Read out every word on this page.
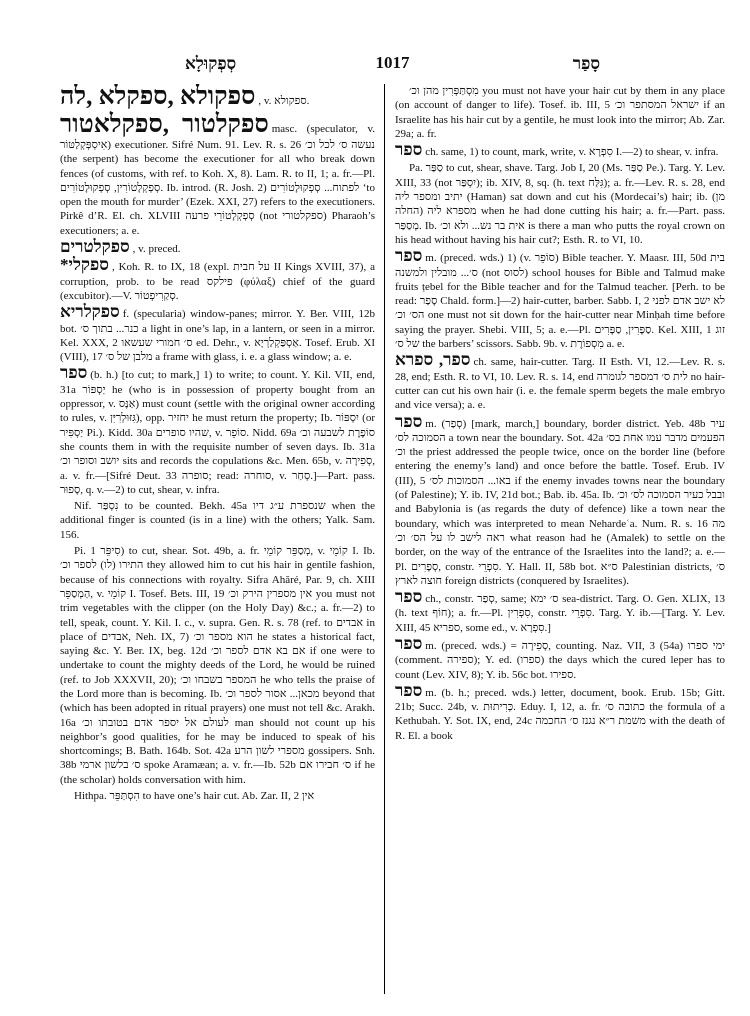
סְפְקוּלָא	1017	סָפַר

ספקולא ,ספקלא ,לה , v. ספקולא.

ספקלטור ,ספקלאטור masc. (speculator, v. אִיסְפְּקְלַטּוֹר) executioner. Sifré Num. 91. Lev. R. s. 26 נעשה ס׳ לכל וכ׳ (the serpent) has become the executioner for all who break down fences (of customs, with ref. to Koh. X, 8). Lam. R. to II, 1; a. fr.—Pl. סְפְקְלָטוֹרִין, סְפְקוּלָטוֹרִים. Ib. introd. (R. Josh. 2) לפתוח... סְפְקוּלָטוֹרִים ‘to open the mouth for murder’ (Ezek. XXI, 27) refers to the executioners. Pirkê d’R. El. ch. XLVIII סְפְקְלָטוֹרֵי פרעה (not ספקלטורי) Pharaoh’s executioners; a. e.

ספקלטרים , v. preced.

*ספקלי , Koh. R. to IX, 18 (expl. על חבית II Kings XVIII, 37), a corruption, prob. to be read פילקס (φύλαξ) chief of the guard (excubitor).—V. סְקַרִיפְטוֹר.

ספקלריא f. (specularia) window-panes; mirror. Y. Ber. VIII, 12b bot. כנר... בתוך ס׳ a light in one’s lap, in a lantern, or seen in a mirror. Kel. XXX, 2 ס׳ חמורי שעשאו ed. Dehr., v. אַסְפַּקְלַרְיָא. Tosef. Erub. XI (VIII), 17 מלבן של ס׳ a frame with glass, i. e. a glass window; a. e.

ספר (b. h.) [to cut; to mark,] 1) to write; to count. Y. Kil. VII, end, 31a יַסְפּוֹר he (who is in possession of property bought from an oppressor, v. אַנָּס) must count (settle with the original owner according to rules, v. גִּזּוּלְרִיִּן), opp. יחזיר he must return the property; Ib. יִסְפּוֹר (or יַסְפִּיר Pi.). Kidd. 30a שהיו סופרים, v. סוֹפֵר. Nidd. 69a סוֹפֶרֶת לשבעה וכ׳ she counts them in with the requisite number of seven days. Ib. 31a יושב וסופר וכ׳ sits and records the copulations &c. Men. 65b, v. סְפִירָה, a. v. fr.—[Sifré Deut. 33 סופרה; read: סוחרה, v. סְחַר.]—Part. pass. סָפוּר, q. v.—2) to cut, shear, v. infra.

Nif. נִסְפַּר to be counted. Bekh. 45a שנספרת ע״ג דיו when the additional finger is counted (is in a line) with the others; Yalk. Sam. 156.

Pi. סִיפֵּר 1) to cut, shear. Sot. 49b, a. fr. מְסַפֵּר קוֹמֵי, v. קוֹמֵי I. Ib. התירו (לו) לספר וכ׳ they allowed him to cut his hair in gentile fashion, because of his connections with royalty. Sifra Ahăré, Par. 9, ch. XIII הַמְסַפֵּר, v. קוֹמֵי I. Tosef. Bets. III, 19 אין מספרין הירק וכ׳ you must not trim vegetables with the clipper (on the Holy Day) &c.; a. fr.—2) to tell, speak, count. Y. Kil. I. c., v. supra. Gen. R. s. 78 (ref. to אבדים in place of אבדים, Neh. IX, 7) הוא מספר וכ׳ he states a historical fact, saying &c. Y. Ber. IX, beg. 12d אם בא אדם לספר וכ׳ if one were to undertake to count the mighty deeds of the Lord, he would be ruined (ref. to Job XXXVII, 20); המספר בשבחו וכ׳ he who tells the praise of the Lord more than is becoming. Ib. מכאן... אסור לספר וכ׳ beyond that (which has been adopted in ritual prayers) one must not tell &c. Arakh. 16a לעולם אל יספר אדם בטובתו וכ׳ man should not count up his neighbor’s good qualities, for he may be induced to speak of his shortcomings; B. Bath. 164b. Sot. 42a מספרי לשון הרע gossipers. Snh. 38b ס׳ בלשון ארמי spoke Aramæan; a. v. fr.—Ib. 52b ס׳ חבירו אם if he (the scholar) holds conversation with him.

Hithpa. הִסְתַּפֵּר to have one’s hair cut. Ab. Zar. II, 2 אין

מִסְתַּפְּרִין מהן וכ׳ you must not have your hair cut by them in any place (on account of danger to life). Tosef. ib. III, 5 ישראל המסתפר וכ׳ if an Israelite has his hair cut by a gentile, he must look into the mirror; Ab. Zar. 29a; a. fr.

ספר ch. same, 1) to count, mark, write, v. סִפְרָא I.—2) to shear, v. infra.

Pa. סַפַּר to cut, shear, shave. Targ. Job I, 20 (Ms. סַפַּר Pe.). Targ. Y. Lev. XIII, 33 (not יִסְפַּר); ib. XIV, 8, sq. (h. text גִּלַּח); a. fr.—Lev. R. s. 28, end יתיב ומספר ליה (Haman) sat down and cut his (Mordecai’s) hair; ib. (מן החלה) מספרא ליה when he had done cutting his hair; a. fr.—Part. pass. מְסַפַּר. Ib. אית בר נש... ולא וכ׳ is there a man who putts the royal crown on his head without having his hair cut?; Esth. R. to VI, 10.

ספר m. (preced. wds.) 1) (v. סוֹפֵר) Bible teacher. Y. Maasr. III, 50d בית ס׳... מובלין ולמשנה (not לסוס) school houses for Bible and Talmud make fruits ṭebel for the Bible teacher and for the Talmud teacher. [Perh. to be read: סָפַר Chald. form.]—2) hair-cutter, barber. Sabb. I, 2 לא ישב אדם לפני הס׳ וכ׳ one must not sit down for the hair-cutter near Minḥah time before saying the prayer. Shebi. VIII, 5; a. e.—Pl. סַפָּרִין, סַפָּרִים. Kel. XIII, 1 זוג של ס׳ the barbers’ scissors. Sabb. 9b. v. מִסְפוֹרֶת a. e.

ספר, ספרא ch. same, hair-cutter. Targ. II Esth. VI, 12.—Lev. R. s. 28, end; Esth. R. to VI, 10. Lev. R. s. 14, end לית ס׳ דמספר לגומרה no hair-cutter can cut his own hair (i. e. the female sperm begets the male embryo and vice versa); a. e.

ספר m. (סְפַר) [mark, march,] boundary, border district. Yeb. 48b עיר הסמוכה לס׳ a town near the boundary. Sot. 42a הפעמים מדבר עמו אחת בס׳ וכ׳ the priest addressed the people twice, once on the border line (before entering the enemy’s land) and once before the battle. Tosef. Erub. IV (III), 5 באו... הסמוכות לס׳ if the enemy invades towns near the boundary (of Palestine); Y. ib. IV, 21d bot.; Bab. ib. 45a. Ib. ובבל כעיר הסמוכה לס׳ וכ׳ and Babylonia is (as regards the duty of defence) like a town near the boundary, which was interpreted to mean Nehardeʿa. Num. R. s. 16 מה ראה לישב לו על הס׳ וכ׳ what reason had he (Amalek) to settle on the border, on the way of the entrance of the Israelites into the land?; a. e.—Pl. סְפָרִים, constr. סִפְרֵי. Y. Hall. II, 58b bot. ס״א Palestinian districts, ס׳ חוצה לארץ foreign districts (conquered by Israelites).

ספר ch., constr. סְפַר, same; ס׳ ימא sea-district. Targ. O. Gen. XLIX, 13 (h. text חוֹף); a. fr.—Pl. סִפְרִין, constr. סִפְרֵי. Targ. Y. ib.—[Targ. Y. Lev. XIII, 45 ספריא, some ed., v. סִפְרָא.]

ספר m. (preced. wds.) = סְפִירָה, counting. Naz. VII, 3 (54a) ימי ספרו (comment. ספירה); Y. ed. (ספרו) the days which the cured leper has to count (Lev. XIV, 8); Y. ib. 56c bot. ספירו.

ספר m. (b. h.; preced. wds.) letter, document, book. Erub. 15b; Gitt. 21b; Succ. 24b, v. כְּרִיתוּת. Eduy. I, 12, a. fr. כתובה ס׳ the formula of a Kethubah. Y. Sot. IX, end, 24c משמת ר״א נגנז ס׳ החכמה with the death of R. El. a book
